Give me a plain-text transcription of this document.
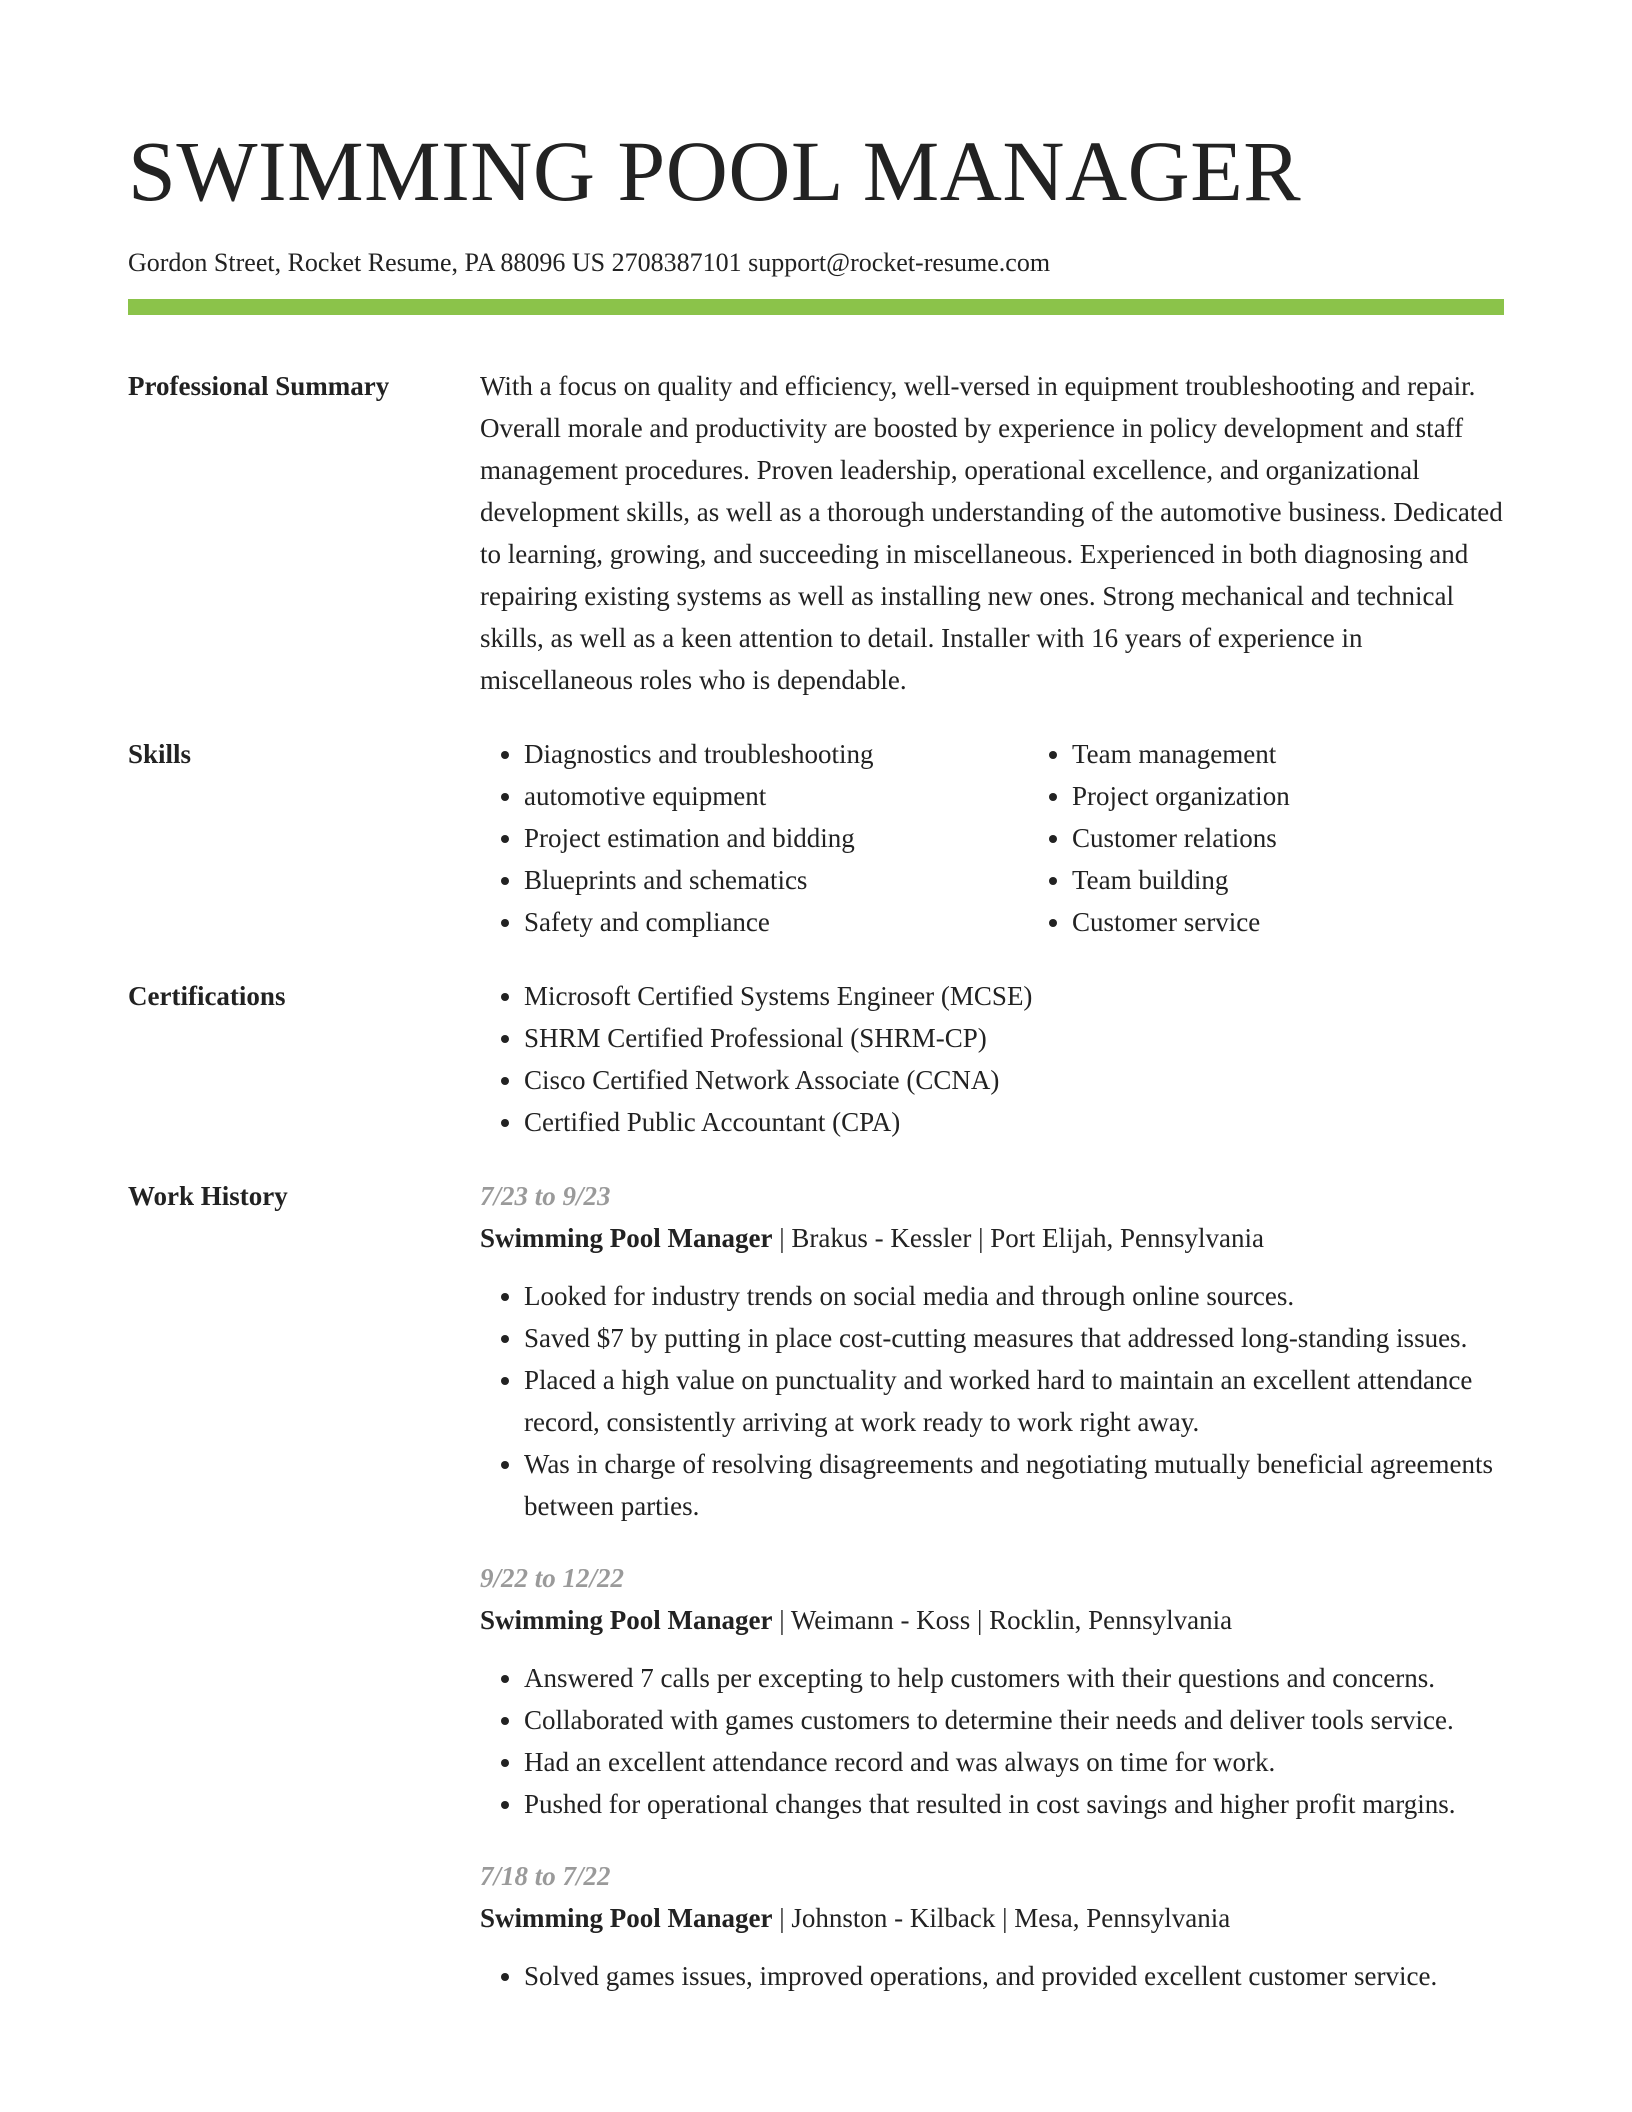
SWIMMING POOL MANAGER
Gordon Street, Rocket Resume, PA 88096 US 2708387101 support@rocket-resume.com
Professional Summary	With a focus on quality and efficiency, well-versed in equipment troubleshooting and repair. Overall morale and productivity are boosted by experience in policy development and staff management procedures. Proven leadership, operational excellence, and organizational development skills, as well as a thorough understanding of the automotive business. Dedicated to learning, growing, and succeeding in miscellaneous. Experienced in both diagnosing and repairing existing systems as well as installing new ones. Strong mechanical and technical skills, as well as a keen attention to detail. Installer with 16 years of experience in miscellaneous roles who is dependable.

Skills	• Diagnostics and troubleshooting
• automotive equipment
• Project estimation and bidding
• Blueprints and schematics
• Safety and compliance
• Team management
• Project organization
• Customer relations
• Team building
• Customer service
Certifications	• Microsoft Certified Systems Engineer (MCSE)
• SHRM Certified Professional (SHRM-CP)
• Cisco Certified Network Associate (CCNA)
• Certified Public Accountant (CPA)
Work History	7/23 to 9/23
Swimming Pool Manager | Brakus - Kessler | Port Elijah, Pennsylvania
• Looked for industry trends on social media and through online sources.
• Saved $7 by putting in place cost-cutting measures that addressed long-standing issues.
• Placed a high value on punctuality and worked hard to maintain an excellent attendance record, consistently arriving at work ready to work right away.
• Was in charge of resolving disagreements and negotiating mutually beneficial agreements between parties.
9/22 to 12/22
Swimming Pool Manager | Weimann - Koss | Rocklin, Pennsylvania
• Answered 7 calls per excepting to help customers with their questions and concerns.
• Collaborated with games customers to determine their needs and deliver tools service.
• Had an excellent attendance record and was always on time for work.
• Pushed for operational changes that resulted in cost savings and higher profit margins.
7/18 to 7/22
Swimming Pool Manager | Johnston - Kilback | Mesa, Pennsylvania
• Solved games issues, improved operations, and provided excellent customer service.
